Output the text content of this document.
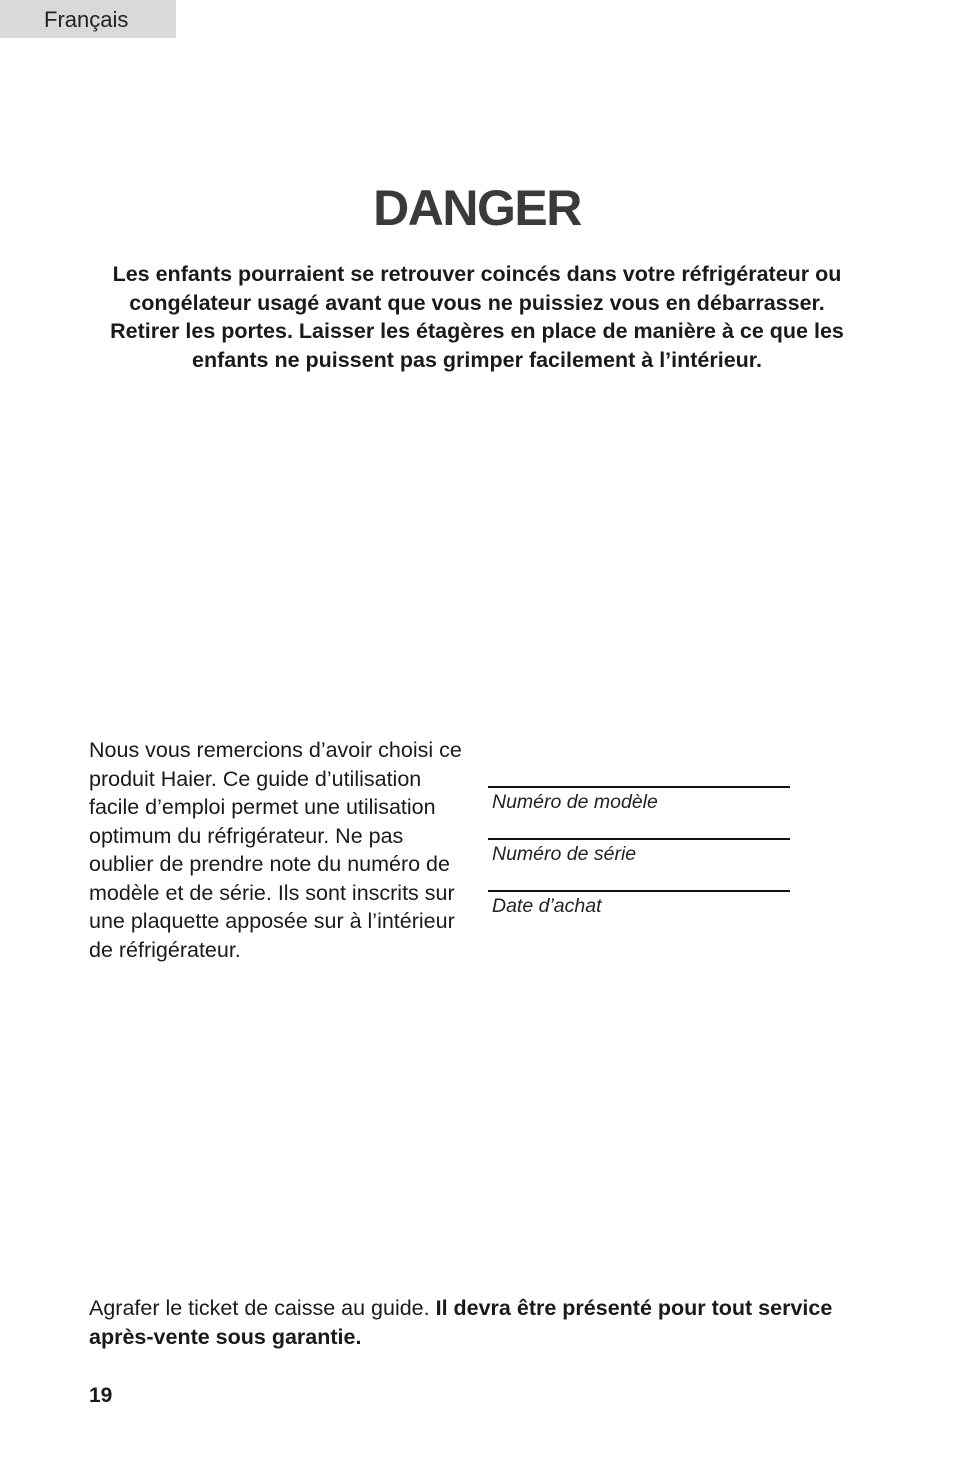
Français
DANGER

Les enfants pourraient se retrouver coincés dans votre réfrigérateur ou congélateur usagé avant que vous ne puissiez vous en débarrasser. Retirer les portes. Laisser les étagères en place de manière à ce que les enfants ne puissent pas grimper facilement à l’intérieur.

Nous vous remercions d’avoir choisi ce produit Haier. Ce guide d’utilisation facile d’emploi permet une utilisation optimum du réfrigérateur. Ne pas oublier de prendre note du numéro de modèle et de série. Ils sont inscrits sur une plaquette apposée sur à l’intérieur de réfrigérateur.

Numéro de modèle
Numéro de série
Date d’achat

Agrafer le ticket de caisse au guide. Il devra être présenté pour tout service après-vente sous garantie.

19
